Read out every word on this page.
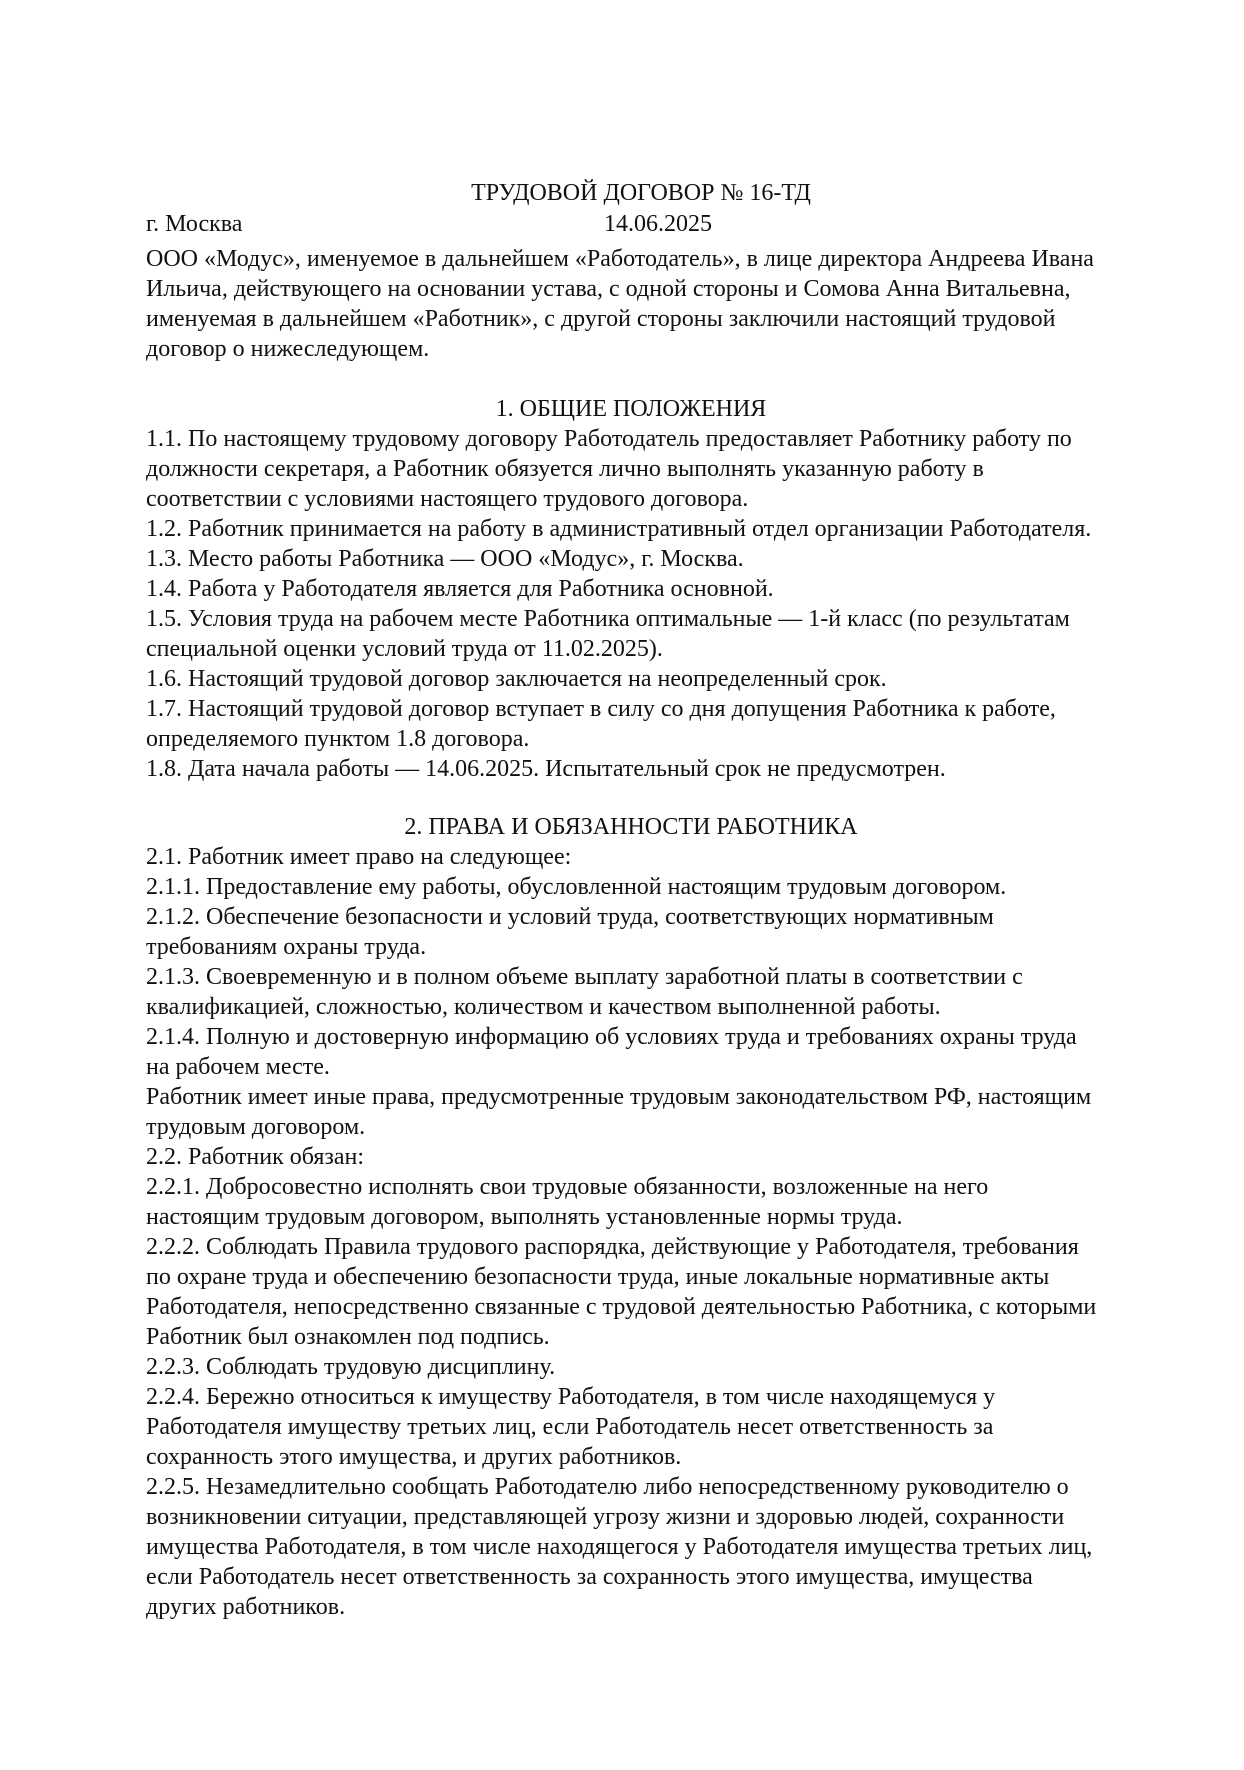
ТРУДОВОЙ ДОГОВОР № 16-ТД
г. Москва	14.06.2025

ООО «Модус», именуемое в дальнейшем «Работодатель», в лице директора Андреева Ивана Ильича, действующего на основании устава, с одной стороны и Сомова Анна Витальевна, именуемая в дальнейшем «Работник», с другой стороны заключили настоящий трудовой договор о нижеследующем.

1. ОБЩИЕ ПОЛОЖЕНИЯ

1.1. По настоящему трудовому договору Работодатель предоставляет Работнику работу по должности секретаря, а Работник обязуется лично выполнять указанную работу в соответствии с условиями настоящего трудового договора.

1.2. Работник принимается на работу в административный отдел организации Работодателя.

1.3. Место работы Работника — ООО «Модус», г. Москва.

1.4. Работа у Работодателя является для Работника основной.

1.5. Условия труда на рабочем месте Работника оптимальные — 1-й класс (по результатам специальной оценки условий труда от 11.02.2025).

1.6. Настоящий трудовой договор заключается на неопределенный срок.

1.7. Настоящий трудовой договор вступает в силу со дня допущения Работника к работе, определяемого пунктом 1.8 договора.

1.8. Дата начала работы — 14.06.2025. Испытательный срок не предусмотрен.

2. ПРАВА И ОБЯЗАННОСТИ РАБОТНИКА

2.1. Работник имеет право на следующее:

2.1.1. Предоставление ему работы, обусловленной настоящим трудовым договором.

2.1.2. Обеспечение безопасности и условий труда, соответствующих нормативным требованиям охраны труда.

2.1.3. Своевременную и в полном объеме выплату заработной платы в соответствии с квалификацией, сложностью, количеством и качеством выполненной работы.

2.1.4. Полную и достоверную информацию об условиях труда и требованиях охраны труда на рабочем месте.

Работник имеет иные права, предусмотренные трудовым законодательством РФ, настоящим трудовым договором.

2.2. Работник обязан:

2.2.1. Добросовестно исполнять свои трудовые обязанности, возложенные на него настоящим трудовым договором, выполнять установленные нормы труда.

2.2.2. Соблюдать Правила трудового распорядка, действующие у Работодателя, требования по охране труда и обеспечению безопасности труда, иные локальные нормативные акты Работодателя, непосредственно связанные с трудовой деятельностью Работника, с которыми Работник был ознакомлен под подпись.

2.2.3. Соблюдать трудовую дисциплину.

2.2.4. Бережно относиться к имуществу Работодателя, в том числе находящемуся у Работодателя имуществу третьих лиц, если Работодатель несет ответственность за сохранность этого имущества, и других работников.

2.2.5. Незамедлительно сообщать Работодателю либо непосредственному руководителю о возникновении ситуации, представляющей угрозу жизни и здоровью людей, сохранности имущества Работодателя, в том числе находящегося у Работодателя имущества третьих лиц, если Работодатель несет ответственность за сохранность этого имущества, имущества других работников.
